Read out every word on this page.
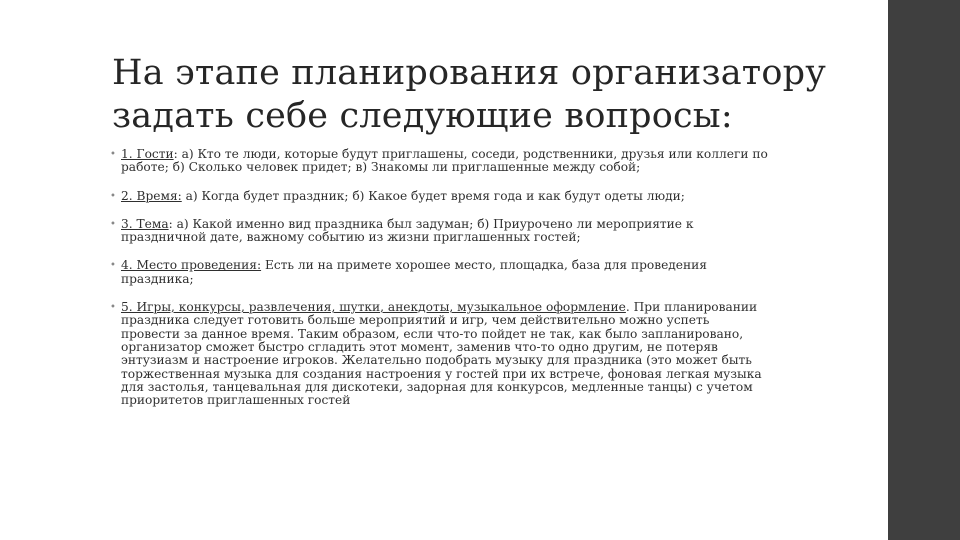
На этапе планирования организатору задать себе следующие вопросы:
• 1. Гости: а) Кто те люди, которые будут приглашены, соседи, родственники, друзья или коллеги по работе; б) Сколько человек придет; в) Знакомы ли приглашенные между собой;
• 2. Время: а) Когда будет праздник; б) Какое будет время года и как будут одеты люди;
• 3. Тема: а) Какой именно вид праздника был задуман; б) Приурочено ли мероприятие к праздничной дате, важному событию из жизни приглашенных гостей;
• 4. Место проведения: Есть ли на примете хорошее место, площадка, база для проведения праздника;
• 5. Игры, конкурсы, развлечения, шутки, анекдоты, музыкальное оформление. При планировании праздника следует готовить больше мероприятий и игр, чем действительно можно успеть провести за данное время. Таким образом, если что-то пойдет не так, как было запланировано, организатор сможет быстро сгладить этот момент, заменив что-то одно другим, не потеряв энтузиазм и настроение игроков. Желательно подобрать музыку для праздника (это может быть торжественная музыка для создания настроения у гостей при их встрече, фоновая легкая музыка для застолья, танцевальная для дискотеки, задорная для конкурсов, медленные танцы) с учетом приоритетов приглашенных гостей
